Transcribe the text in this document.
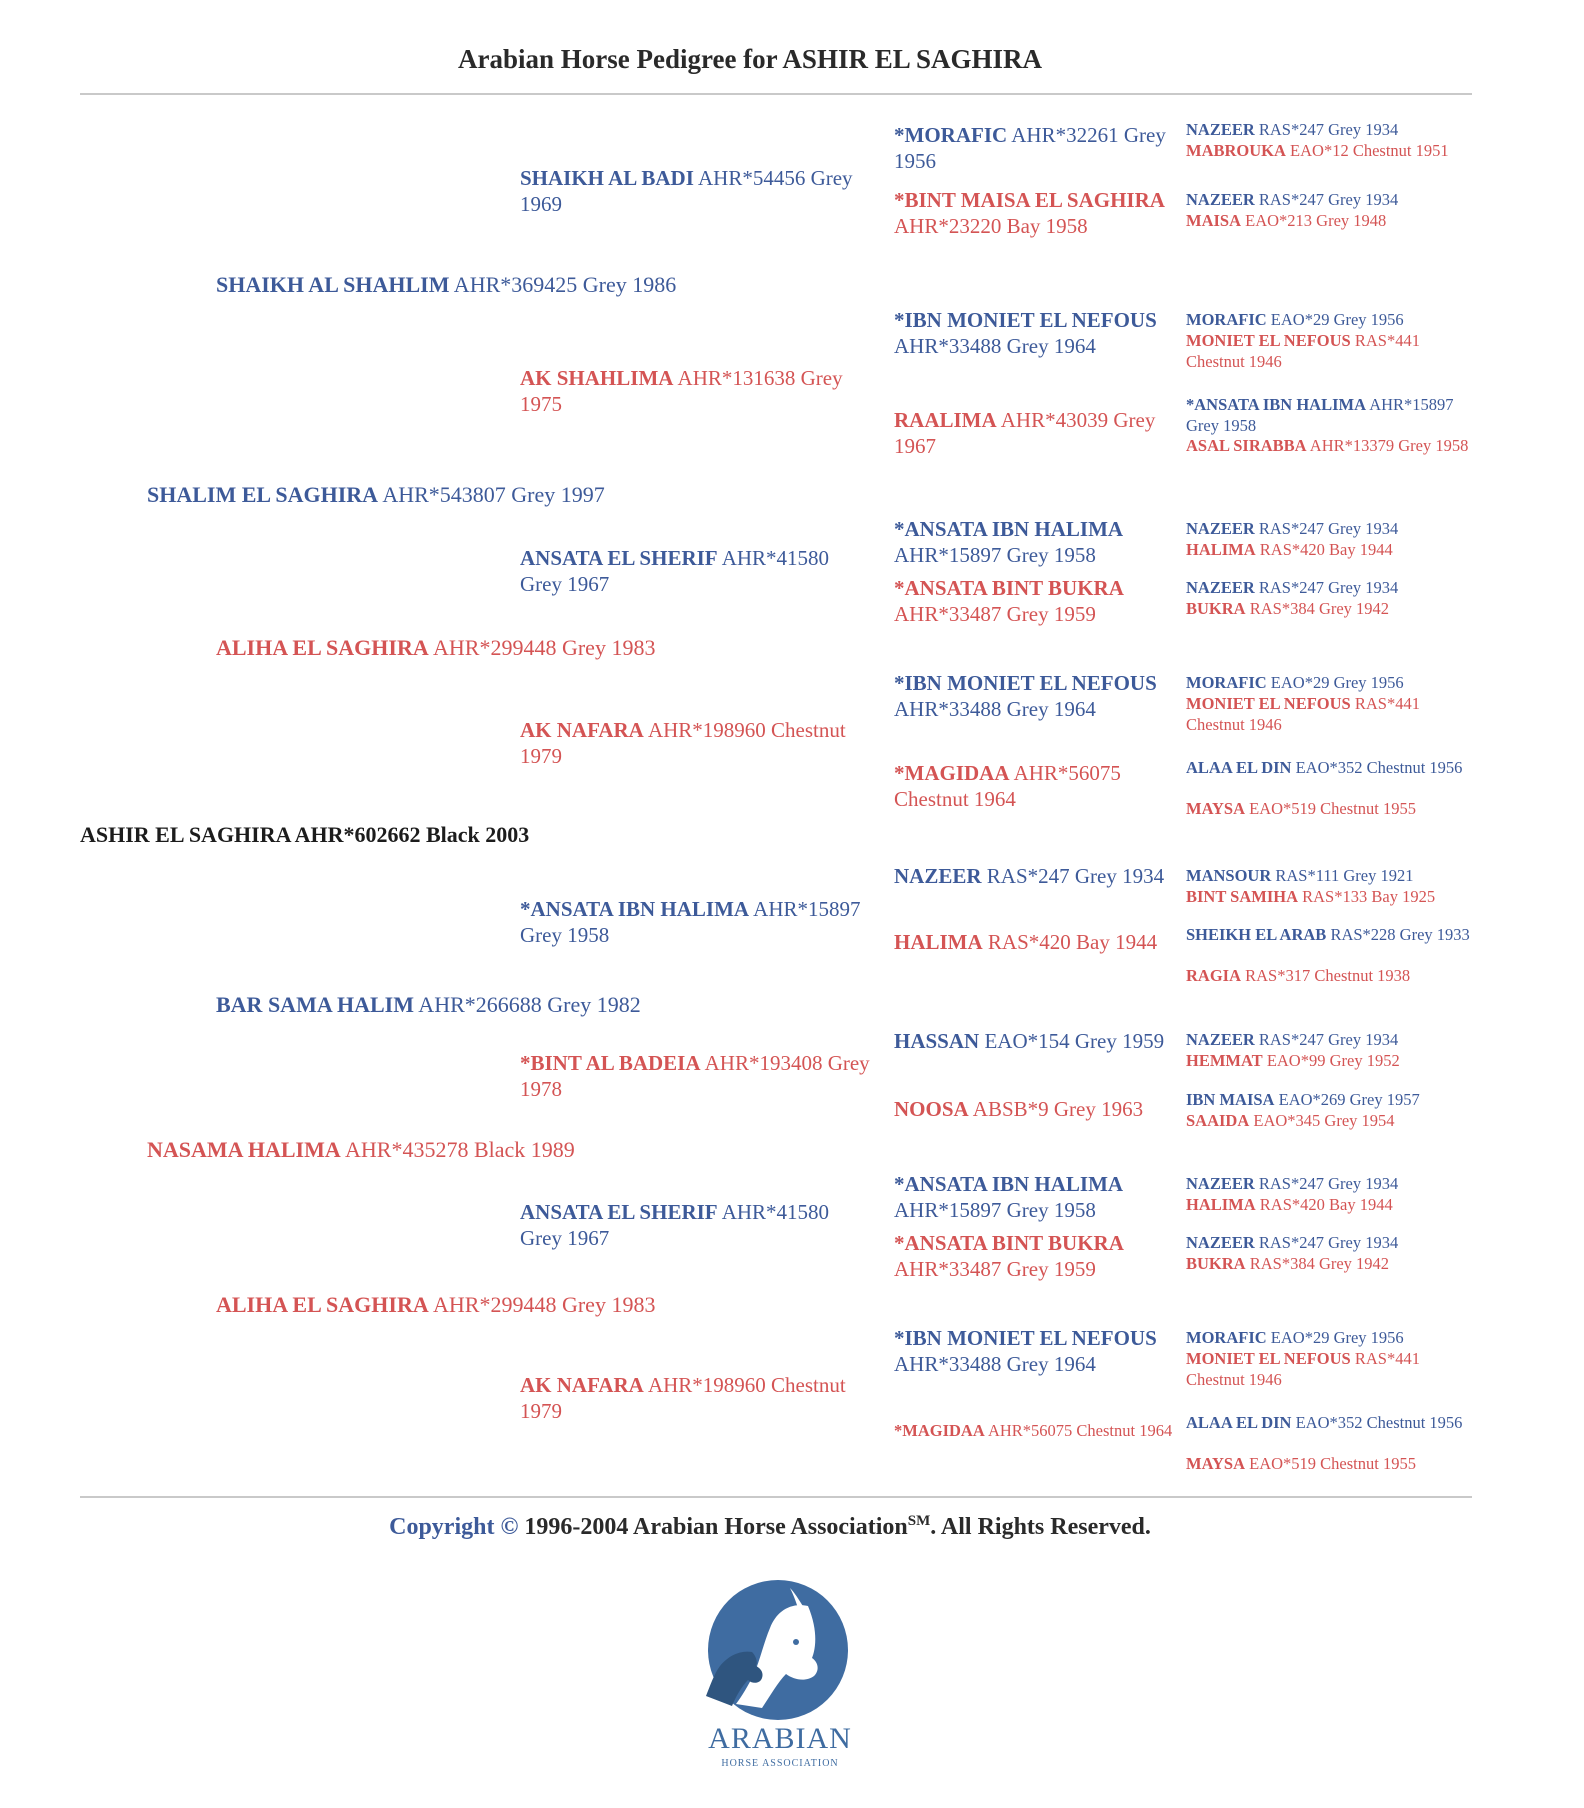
Arabian Horse Pedigree for ASHIR EL SAGHIRA
ASHIR EL SAGHIRA AHR*602662 Black 2003
SHALIM EL SAGHIRA AHR*543807 Grey 1997
NASAMA HALIMA AHR*435278 Black 1989
SHAIKH AL SHAHLIM AHR*369425 Grey 1986
ALIHA EL SAGHIRA AHR*299448 Grey 1983
BAR SAMA HALIM AHR*266688 Grey 1982
ALIHA EL SAGHIRA AHR*299448 Grey 1983
SHAIKH AL BADI AHR*54456 Grey 1969
AK SHAHLIMA AHR*131638 Grey 1975
ANSATA EL SHERIF AHR*41580 Grey 1967
AK NAFARA AHR*198960 Chestnut 1979
*ANSATA IBN HALIMA AHR*15897 Grey 1958
*BINT AL BADEIA AHR*193408 Grey 1978
ANSATA EL SHERIF AHR*41580 Grey 1967
AK NAFARA AHR*198960 Chestnut 1979
*MORAFIC AHR*32261 Grey 1956
*BINT MAISA EL SAGHIRA AHR*23220 Bay 1958
*IBN MONIET EL NEFOUS AHR*33488 Grey 1964
RAALIMA AHR*43039 Grey 1967
*ANSATA IBN HALIMA AHR*15897 Grey 1958
*ANSATA BINT BUKRA AHR*33487 Grey 1959
*IBN MONIET EL NEFOUS AHR*33488 Grey 1964
*MAGIDAA AHR*56075 Chestnut 1964
NAZEER RAS*247 Grey 1934
HALIMA RAS*420 Bay 1944
HASSAN EAO*154 Grey 1959
NOOSA ABSB*9 Grey 1963
*ANSATA IBN HALIMA AHR*15897 Grey 1958
*ANSATA BINT BUKRA AHR*33487 Grey 1959
*IBN MONIET EL NEFOUS AHR*33488 Grey 1964
*MAGIDAA AHR*56075 Chestnut 1964
NAZEER RAS*247 Grey 1934
MABROUKA EAO*12 Chestnut 1951
NAZEER RAS*247 Grey 1934
MAISA EAO*213 Grey 1948
MORAFIC EAO*29 Grey 1956
MONIET EL NEFOUS RAS*441 Chestnut 1946
*ANSATA IBN HALIMA AHR*15897 Grey 1958
ASAL SIRABBA AHR*13379 Grey 1958
NAZEER RAS*247 Grey 1934
HALIMA RAS*420 Bay 1944
NAZEER RAS*247 Grey 1934
BUKRA RAS*384 Grey 1942
MORAFIC EAO*29 Grey 1956
MONIET EL NEFOUS RAS*441 Chestnut 1946
ALAA EL DIN EAO*352 Chestnut 1956
MAYSA EAO*519 Chestnut 1955
MANSOUR RAS*111 Grey 1921
BINT SAMIHA RAS*133 Bay 1925
SHEIKH EL ARAB RAS*228 Grey 1933
RAGIA RAS*317 Chestnut 1938
NAZEER RAS*247 Grey 1934
HEMMAT EAO*99 Grey 1952
IBN MAISA EAO*269 Grey 1957
SAAIDA EAO*345 Grey 1954
NAZEER RAS*247 Grey 1934
HALIMA RAS*420 Bay 1944
NAZEER RAS*247 Grey 1934
BUKRA RAS*384 Grey 1942
MORAFIC EAO*29 Grey 1956
MONIET EL NEFOUS RAS*441 Chestnut 1946
ALAA EL DIN EAO*352 Chestnut 1956
MAYSA EAO*519 Chestnut 1955
Copyright © 1996-2004 Arabian Horse Association℠. All Rights Reserved.
ARABIAN
HORSE ASSOCIATION
